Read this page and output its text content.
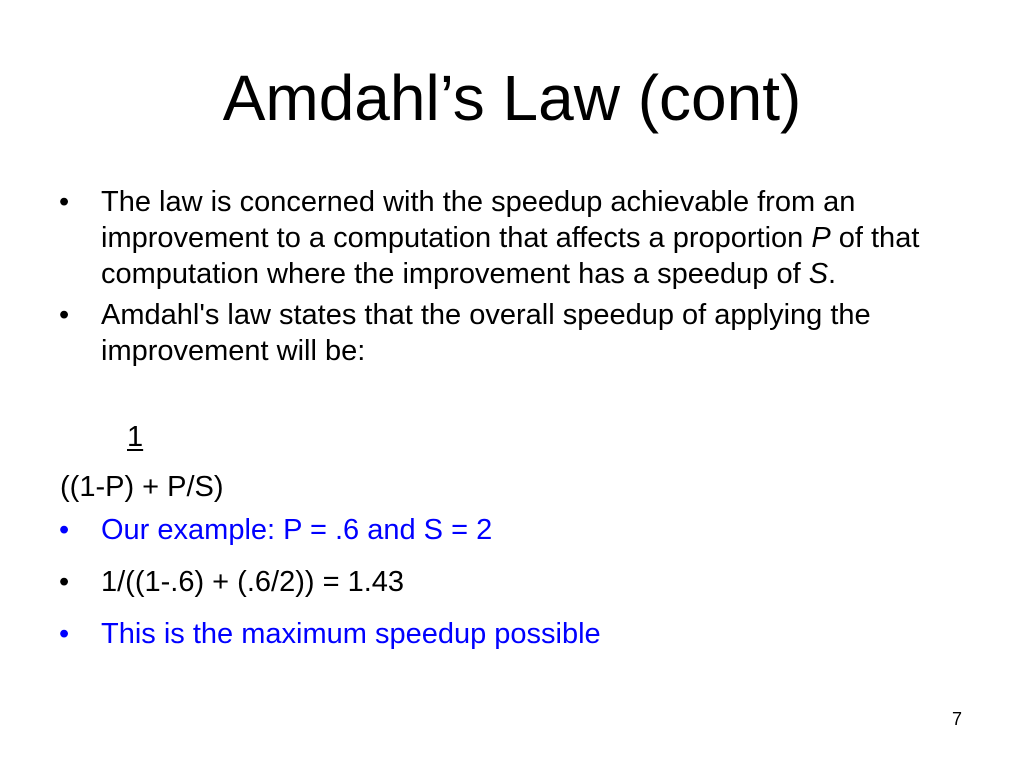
Amdahl’s Law (cont)
• The law is concerned with the speedup achievable from an improvement to a computation that affects a proportion P of that computation where the improvement has a speedup of S.
• Amdahl's law states that the overall speedup of applying the improvement will be:
1
((1-P) + P/S)
• Our example: P = .6 and S = 2
• 1/((1-.6) + (.6/2)) = 1.43
• This is the maximum speedup possible
7
